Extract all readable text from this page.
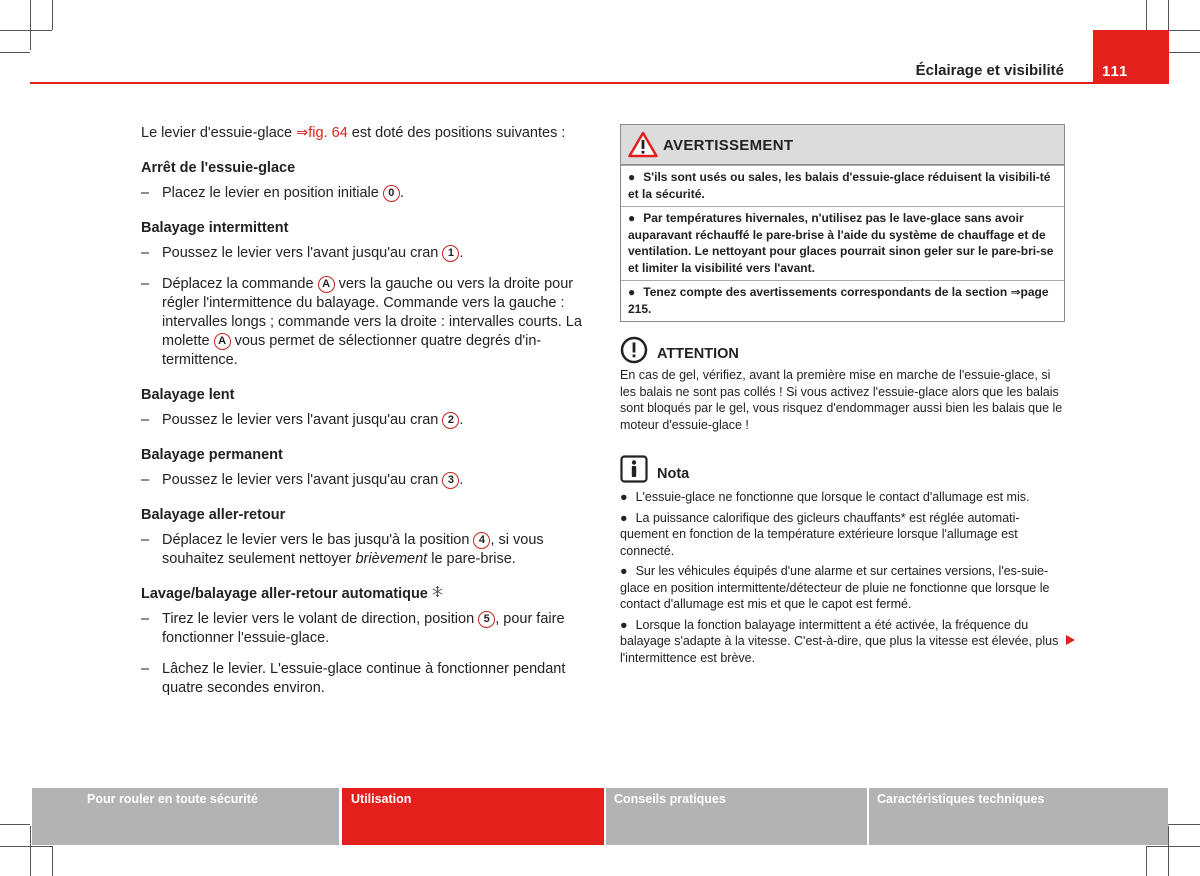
Éclairage et visibilité	111

Le levier d'essuie-glace ⇒fig. 64 est doté des positions suivantes :

Arrêt de l'essuie-glace
– Placez le levier en position initiale 0 .
Balayage intermittent
– Poussez le levier vers l'avant jusqu'au cran 1 .
– Déplacez la commande A vers la gauche ou vers la droite pour régler l'intermittence du balayage. Commande vers la gauche : intervalles longs ; commande vers la droite : intervalles courts. La molette A vous permet de sélectionner quatre degrés d'in-termittence.
Balayage lent
– Poussez le levier vers l'avant jusqu'au cran 2 .
Balayage permanent
– Poussez le levier vers l'avant jusqu'au cran 3 .
Balayage aller-retour
– Déplacez le levier vers le bas jusqu'à la position 4 , si vous souhaitez seulement nettoyer brièvement le pare-brise.
Lavage/balayage aller-retour automatique
– Tirez le levier vers le volant de direction, position 5 , pour faire fonctionner l'essuie-glace.
– Lâchez le levier. L'essuie-glace continue à fonctionner pendant quatre secondes environ.
AVERTISSEMENT
● S'ils sont usés ou sales, les balais d'essuie-glace réduisent la visibili-té et la sécurité.
● Par températures hivernales, n'utilisez pas le lave-glace sans avoir auparavant réchauffé le pare-brise à l'aide du système de chauffage et de ventilation. Le nettoyant pour glaces pourrait sinon geler sur le pare-bri-se et limiter la visibilité vers l'avant.
● Tenez compte des avertissements correspondants de la section ⇒page 215.
ATTENTION

En cas de gel, vérifiez, avant la première mise en marche de l'essuie-glace, si les balais ne sont pas collés ! Si vous activez l'essuie-glace alors que les balais sont bloqués par le gel, vous risquez d'endommager aussi bien les balais que le moteur d'essuie-glace !

Nota
● L'essuie-glace ne fonctionne que lorsque le contact d'allumage est mis.
● La puissance calorifique des gicleurs chauffants* est réglée automati-quement en fonction de la température extérieure lorsque l'allumage est connecté.
● Sur les véhicules équipés d'une alarme et sur certaines versions, l'es-suie-glace en position intermittente/détecteur de pluie ne fonctionne que lorsque le contact d'allumage est mis et que le capot est fermé.
● Lorsque la fonction balayage intermittent a été activée, la fréquence du balayage s'adapte à la vitesse. C'est-à-dire, que plus la vitesse est élevée, plus l'intermittence est brève.
Pour rouler en toute sécurité	Utilisation	Conseils pratiques	Caractéristiques techniques
